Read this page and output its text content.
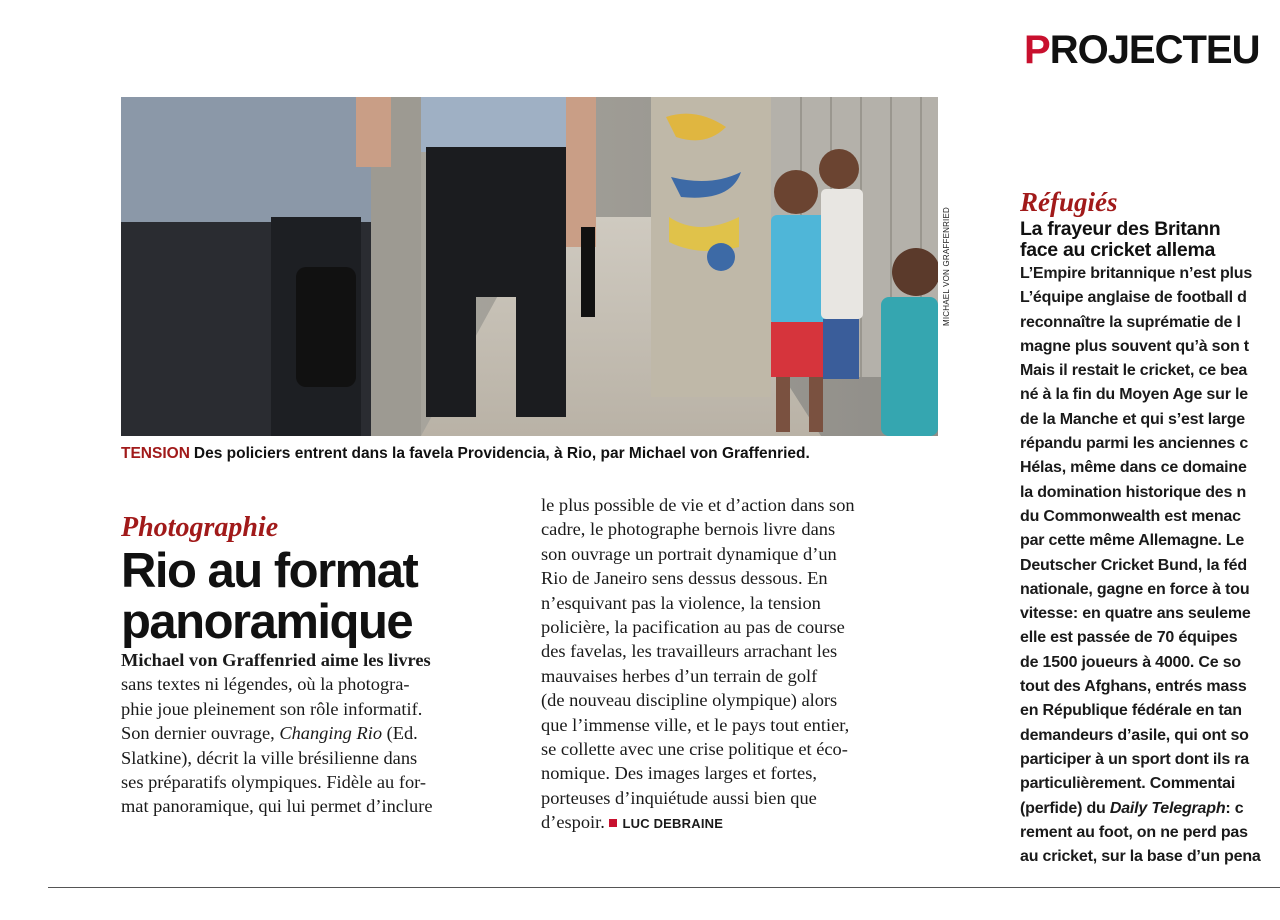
PROJECTEU
MICHAEL VON GRAFFENRIED
TENSION Des policiers entrent dans la favela Providencia, à Rio, par Michael von Graffenried.
Photographie
Rio au format
panoramique
Michael von Graffenried aime les livres
sans textes ni légendes, où la photogra-
phie joue pleinement son rôle informatif.
Son dernier ouvrage, Changing Rio (Ed.
Slatkine), décrit la ville brésilienne dans
ses préparatifs olympiques. Fidèle au for-
mat panoramique, qui lui permet d’inclure
le plus possible de vie et d’action dans son
cadre, le photographe bernois livre dans
son ouvrage un portrait dynamique d’un
Rio de Janeiro sens dessus dessous. En
n’esquivant pas la violence, la tension
policière, la pacification au pas de course
des favelas, les travailleurs arrachant les
mauvaises herbes d’un terrain de golf
(de nouveau discipline olympique) alors
que l’immense ville, et le pays tout entier,
se collette avec une crise politique et éco-
nomique. Des images larges et fortes,
porteuses d’inquiétude aussi bien que
d’espoir. LUC DEBRAINE
Réfugiés
La frayeur des Britann
face au cricket allema
L’Empire britannique n’est plus
L’équipe anglaise de football d
reconnaître la suprématie de l
magne plus souvent qu’à son t
Mais il restait le cricket, ce bea
né à la fin du Moyen Age sur le
de la Manche et qui s’est large
répandu parmi les anciennes c
Hélas, même dans ce domaine
la domination historique des n
du Commonwealth est menac
par cette même Allemagne. Le
Deutscher Cricket Bund, la féd
nationale, gagne en force à tou
vitesse: en quatre ans seuleme
elle est passée de 70 équipes
de 1500 joueurs à 4000. Ce so
tout des Afghans, entrés mass
en République fédérale en tan
demandeurs d’asile, qui ont so
participer à un sport dont ils ra
particulièrement. Commentai
(perfide) du Daily Telegraph: c
rement au foot, on ne perd pas
au cricket, sur la base d’un pena
